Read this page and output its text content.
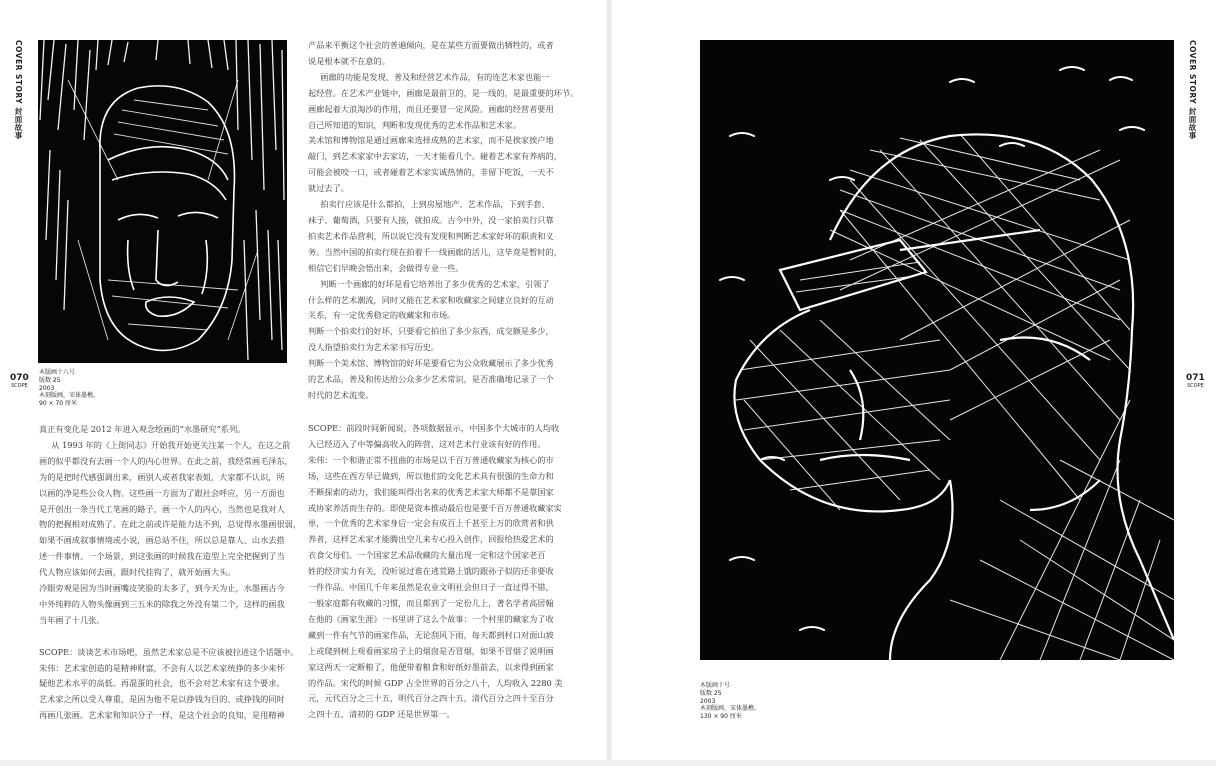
COVER STORY 封面故事	COVER STORY 封面故事
070
SCOPE
071
SCOPE
木版画十八号
版数 25
2003
木刻版画，宋体墨樵。
90 × 70 厘米
木版画十号
版数 25
2003
木刻版画，宋体墨樵。
130 × 90 厘米

真正有变化是 2012 年进入观念绘画的“水墨研究”系列。

从 1993 年的《上街同志》开始我开始更关注某一个人，在这之前

画的似乎都没有去画一个人的内心世界。在此之前，我经常画毛泽东，

为的是把时代感强调出来，画别人或者我家表姐，大家都不认识，所

以画的净是些公众人物。这些画一方面为了跟社会呼应，另一方面也

是开创出一条当代工笔画的路子，画一个人的内心，当然也是我对人

物的把握相对成熟了。在此之前或许是能力达不到，总觉得水墨画很弱，

如果不画成叙事情境或小说，画总站不住，所以总是靠人、山水去搭

述一件事情、一个场景，到这张画的时候我在造型上完全把握到了当

代人物应该如何去画，跟时代挂钩了，就开始画大头。

冷眼旁观是因为当时画嘴皮笑脸的太多了，到今天为止，水墨画古今

中外纯粹的人物头像画到三五米的除我之外没有第二个，这样的画我

当年画了十几张。

SCOPE：谈谈艺术市场吧，虽然艺术家总是不应该被拉进这个话题中。

朱伟：艺术家创造的是精神财富，不会有人以艺术家统挣的多少来怀

疑他艺术水平的高低。再混蛋的社会，也不会对艺术家有这个要求。

艺术家之所以受人尊重，是因为他不是以挣钱为目的、或挣钱的同时

再画几张画。艺术家和知识分子一样，是这个社会的良知，是用精神

产品来平衡这个社会的普遍倾向，是在某些方面要做出牺牲的，或者

说是根本就不在意的。

画廊的功能是发现、普及和经营艺术作品，有的连艺术家也能一

起经营。在艺术产业链中，画廊是最前卫的，是一线的，是最重要的环节。

画廊起着大浪淘沙的作用，而且还要冒一定风险。画廊的经营者要用

自己所知道的知识，判断和发现优秀的艺术作品和艺术家。

美术馆和博物馆是通过画廊来选择成熟的艺术家，而不是挨家挨户地

敲门，到艺术家家中去家访，一天才能看几个。碰着艺术家有养病的，

可能会被咬一口，或者碰着艺术家实诚热情的，非留下吃饭，一天不

就过去了。

拍卖行应该是什么都拍，上到房屋地产、艺术作品，下到手套、

袜子、葡萄酒，只要有人接，就拍成。古今中外，没一家拍卖行只靠

拍卖艺术作品营利，所以说它没有发现和判断艺术家好坏的职责和义

务。当然中国的拍卖行现在拍着千一线画廊的活儿，这毕竟是暂时的，

相信它们早晚会悟出来，会做得专业一些。

判断一个画廊的好坏是看它培养出了多少优秀的艺术家，引领了

什么样的艺术潮流，同时又能在艺术家和收藏家之间建立良好的互动

关系，有一定优秀稳定的收藏家和市场。

判断一个拍卖行的好坏，只要看它拍出了多少东西，成交额是多少，

没人指望拍卖行为艺术家书写历史。

判断一个美术馆、博物馆的好坏是要看它为公众收藏展示了多少优秀

的艺术品，普及和传达给公众多少艺术常识，是否准确地记录了一个

时代的艺术流变。

SCOPE：前段时间新闻说，各项数据显示，中国多个大城市的人均收

入已经迈入了中等偏高收入的阵营，这对艺术行业该有好的作用。

朱伟：一个和谐正常不扭曲的市场是以千百万普通收藏家为核心的市

场，这些在西方早已做到，所以他们的文化艺术具有很强的生命力和

不断探索的动力，我们能叫得出名来的优秀艺术家大师都不是靠国家

或协家养活而生存的。即使是资本推动最后也是要千百万普通收藏家实

单，一个优秀的艺术家身后一定会有成百上千甚至上万的欣赏者和供

养者，这样艺术家才能腾出空儿来专心投入创作，回报给热爱艺术的

衣食父母们。一个国家艺术品收藏的大量出现一定和这个国家老百

姓的经济实力有关，没听说过谁在逃荒路上饿的跟孙子似的还非要收

一件作品。中国几千年来虽然是农业文明社会但日子一直过得不错，

一般家庭都有收藏的习惯，而且都到了一定份儿上，著名学者高居翰

在他的《画家生涯》一书里讲了这么个故事：一个村里的藏家为了收

藏到一件有气节的画家作品，无论刮风下雨，每天都到村口对面山坡

上或爬到树上观看画家房子上的烟囱是否冒烟，如果不冒烟了说明画

家这两天一定断粮了，他便带着粮食和好纸好墨前去，以求得到画家

的作品。宋代的时候 GDP 占全世界的百分之八十，人均收入 2280 美

元，元代百分之三十五，明代百分之四十五，清代百分之四十至百分

之四十五，清初的 GDP 还是世界第一。
